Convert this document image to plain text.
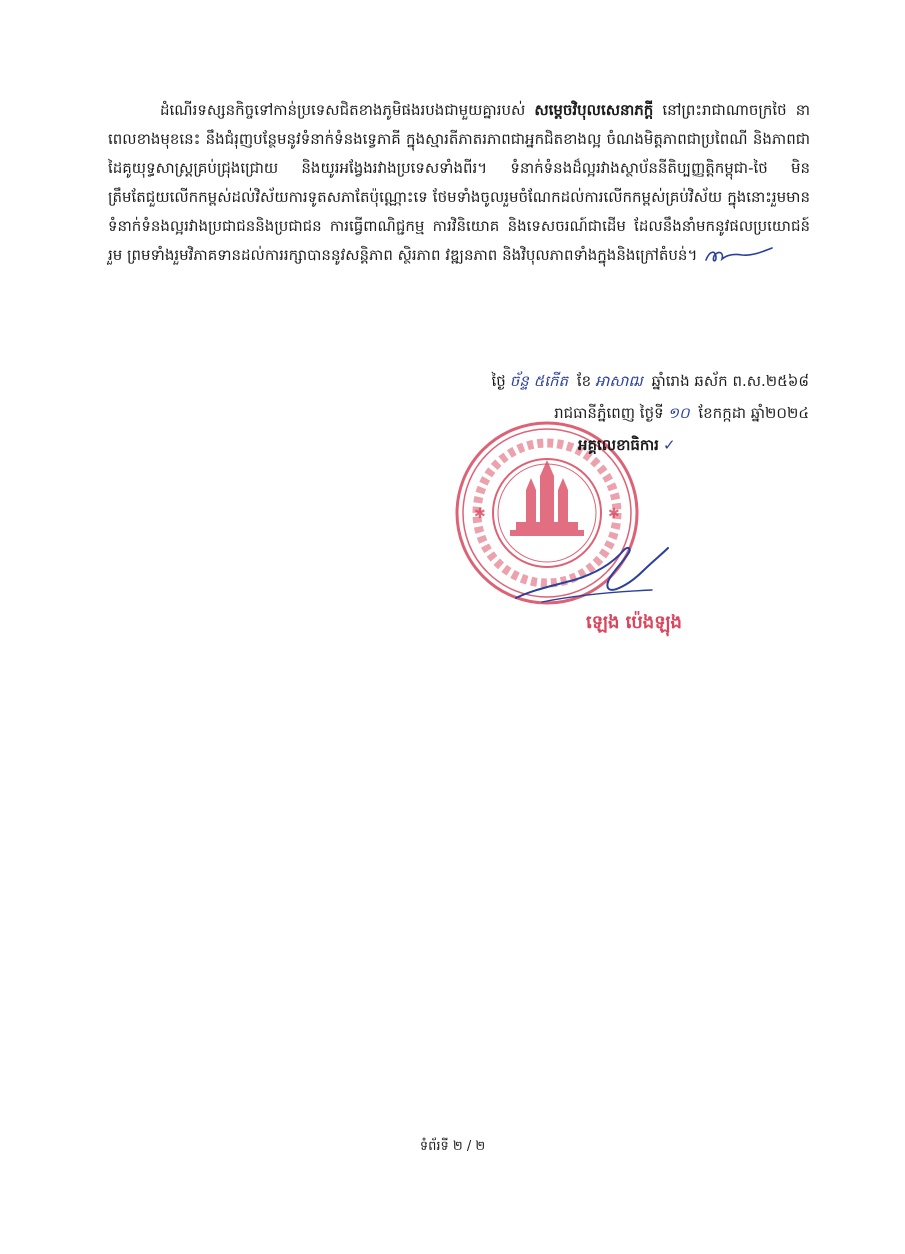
ដំណើរទស្សនកិច្ចទៅកាន់ប្រទេសជិតខាងភូមិផងរបងជាមួយគ្នារបស់ សម្តេចវិបុលសេនាភក្តី នៅព្រះរាជាណាចក្រថៃ នាពេលខាងមុខនេះ នឹងជំរុញបន្ថែមនូវទំនាក់ទំនងទ្វេភាគី ក្នុងស្មារតីភាតរភាពជាអ្នកជិតខាងល្អ ចំណងមិត្តភាពជាប្រពៃណី និងភាពជាដៃគូយុទ្ធសាស្ត្រគ្រប់ជ្រុងជ្រោយ និងយូរអង្វែងរវាងប្រទេសទាំងពីរ។ ទំនាក់ទំនងដ៏ល្អរវាងស្ថាប័ននីតិប្បញ្ញត្តិកម្ពុជា-ថៃ មិនត្រឹមតែជួយលើកកម្ពស់ដល់វិស័យការទូតសភាតែប៉ុណ្ណោះទេ ថែមទាំងចូលរួមចំណែកដល់ការលើកកម្ពស់គ្រប់វិស័យ ក្នុងនោះរួមមាន ទំនាក់ទំនងល្អរវាងប្រជាជននិងប្រជាជន ការធ្វើពាណិជ្ជកម្ម ការវិនិយោគ និងទេសចរណ៍ជាដើម ដែលនឹងនាំមកនូវផលប្រយោជន៍រួម ព្រមទាំងរួមវិភាគទានដល់ការរក្សាបាននូវសន្តិភាព ស្ថិរភាព វឌ្ឍនភាព និងវិបុលភាពទាំងក្នុងនិងក្រៅតំបន់។

ថ្ងៃ ច័ន្ទ ៥កើត ខែ អាសាឍ ឆ្នាំរោង ឆស័ក ព.ស.២៥៦៨
រាជធានីភ្នំពេញ ថ្ងៃទី ១០ ខែកក្កដា ឆ្នាំ២០២៤
✱	✱
អគ្គលេខាធិការ ✓
ឡេង ប៉េងឡុង
ទំព័រទី ២ / ២
